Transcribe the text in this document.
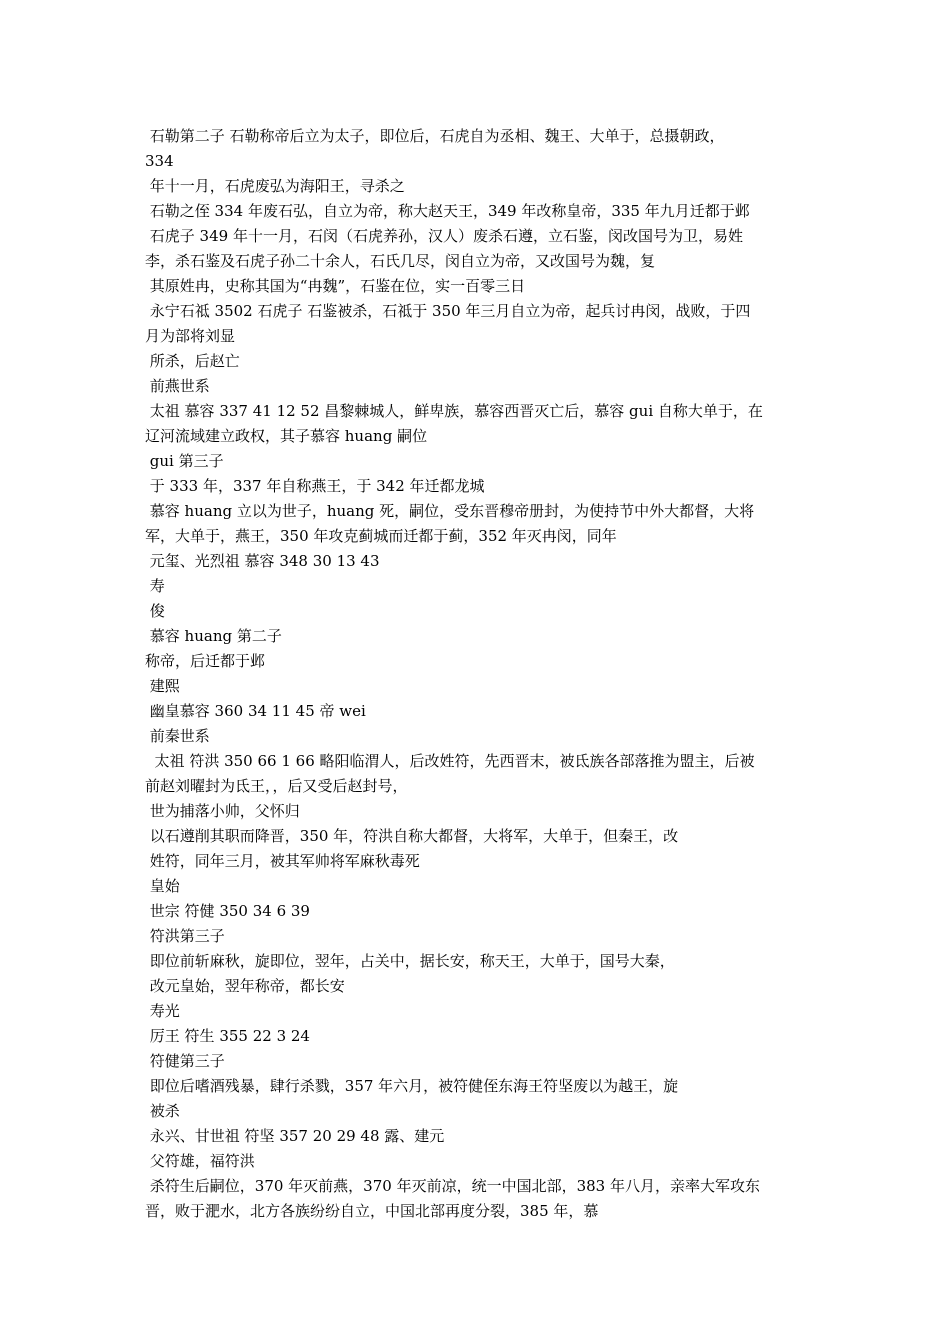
石勒第二子 石勒称帝后立为太子，即位后，石虎自为丞相、魏王、大单于，总摄朝政，
334
年十一月，石虎废弘为海阳王，寻杀之
石勒之侄 334 年废石弘，自立为帝，称大赵天王，349 年改称皇帝，335 年九月迁都于邺
石虎子 349 年十一月，石闵（石虎养孙，汉人）废杀石遵，立石鉴，闵改国号为卫，易姓
李，杀石鉴及石虎子孙二十余人，石氏几尽，闵自立为帝，又改国号为魏，复
其原姓冉，史称其国为“冉魏”，石鉴在位，实一百零三日
永宁石祗 3502 石虎子 石鉴被杀，石祗于 350 年三月自立为帝，起兵讨冉闵，战败，于四
月为部将刘显
所杀，后赵亡
前燕世系
太祖 慕容 337 41 12 52 昌黎棘城人，鲜卑族，慕容西晋灭亡后，慕容 gui 自称大单于，在
辽河流域建立政权，其子慕容 huang 嗣位
gui 第三子
于 333 年，337 年自称燕王，于 342 年迁都龙城
慕容 huang 立以为世子，huang 死，嗣位，受东晋穆帝册封，为使持节中外大都督，大将
军，大单于，燕王，350 年攻克蓟城而迁都于蓟，352 年灭冉闵，同年
元玺、光烈祖 慕容 348 30 13 43
寿
俊
慕容 huang 第二子
称帝，后迁都于邺
建熙
幽皇慕容 360 34 11 45 帝 wei
前秦世系
太祖 符洪 350 66 1 66 略阳临渭人，后改姓符，先西晋末，被氐族各部落推为盟主，后被
前赵刘曜封为氐王，，后又受后赵封号，
世为捕落小帅，父怀归
以石遵削其职而降晋，350 年，符洪自称大都督，大将军，大单于，但秦王，改
姓符，同年三月，被其军帅将军麻秋毒死
皇始
世宗 符健 350 34 6 39
符洪第三子
即位前斩麻秋，旋即位，翌年，占关中，据长安，称天王，大单于，国号大秦，
改元皇始，翌年称帝，都长安
寿光
厉王 符生 355 22 3 24
符健第三子
即位后嗜酒残暴，肆行杀戮，357 年六月，被符健侄东海王符坚废以为越王，旋
被杀
永兴、甘世祖 符坚 357 20 29 48 露、建元
父符雄，福符洪
杀符生后嗣位，370 年灭前燕，370 年灭前凉，统一中国北部，383 年八月，亲率大军攻东
晋，败于淝水，北方各族纷纷自立，中国北部再度分裂，385 年，慕
